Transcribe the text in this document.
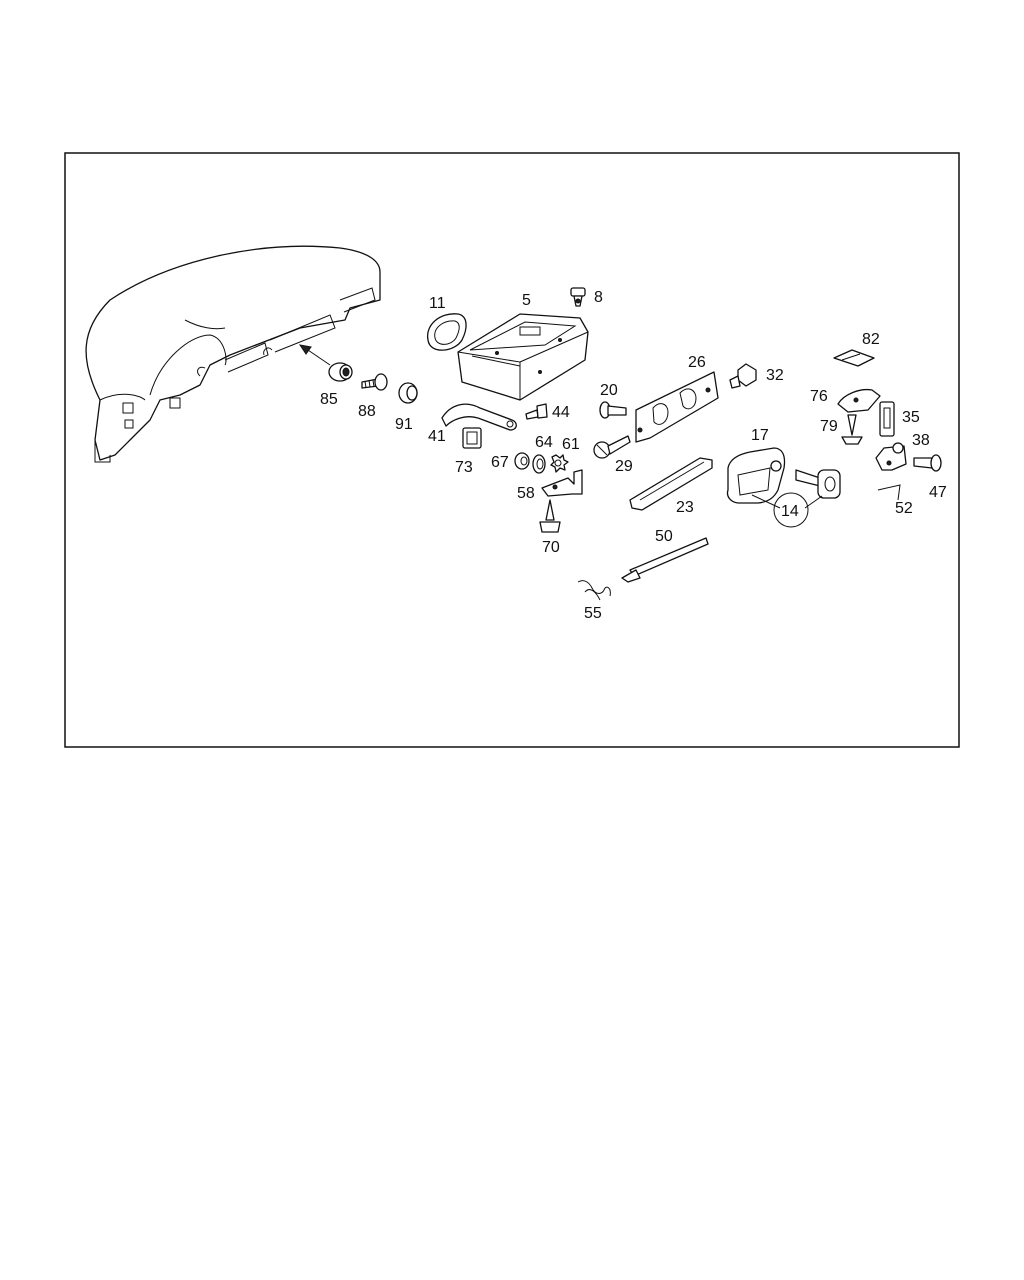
11	5	8
82
26
32
20	76
35
79
85
88
91
41
44
73 67
64 61
58
29
17	38
47
52
23	14
70
50
55
